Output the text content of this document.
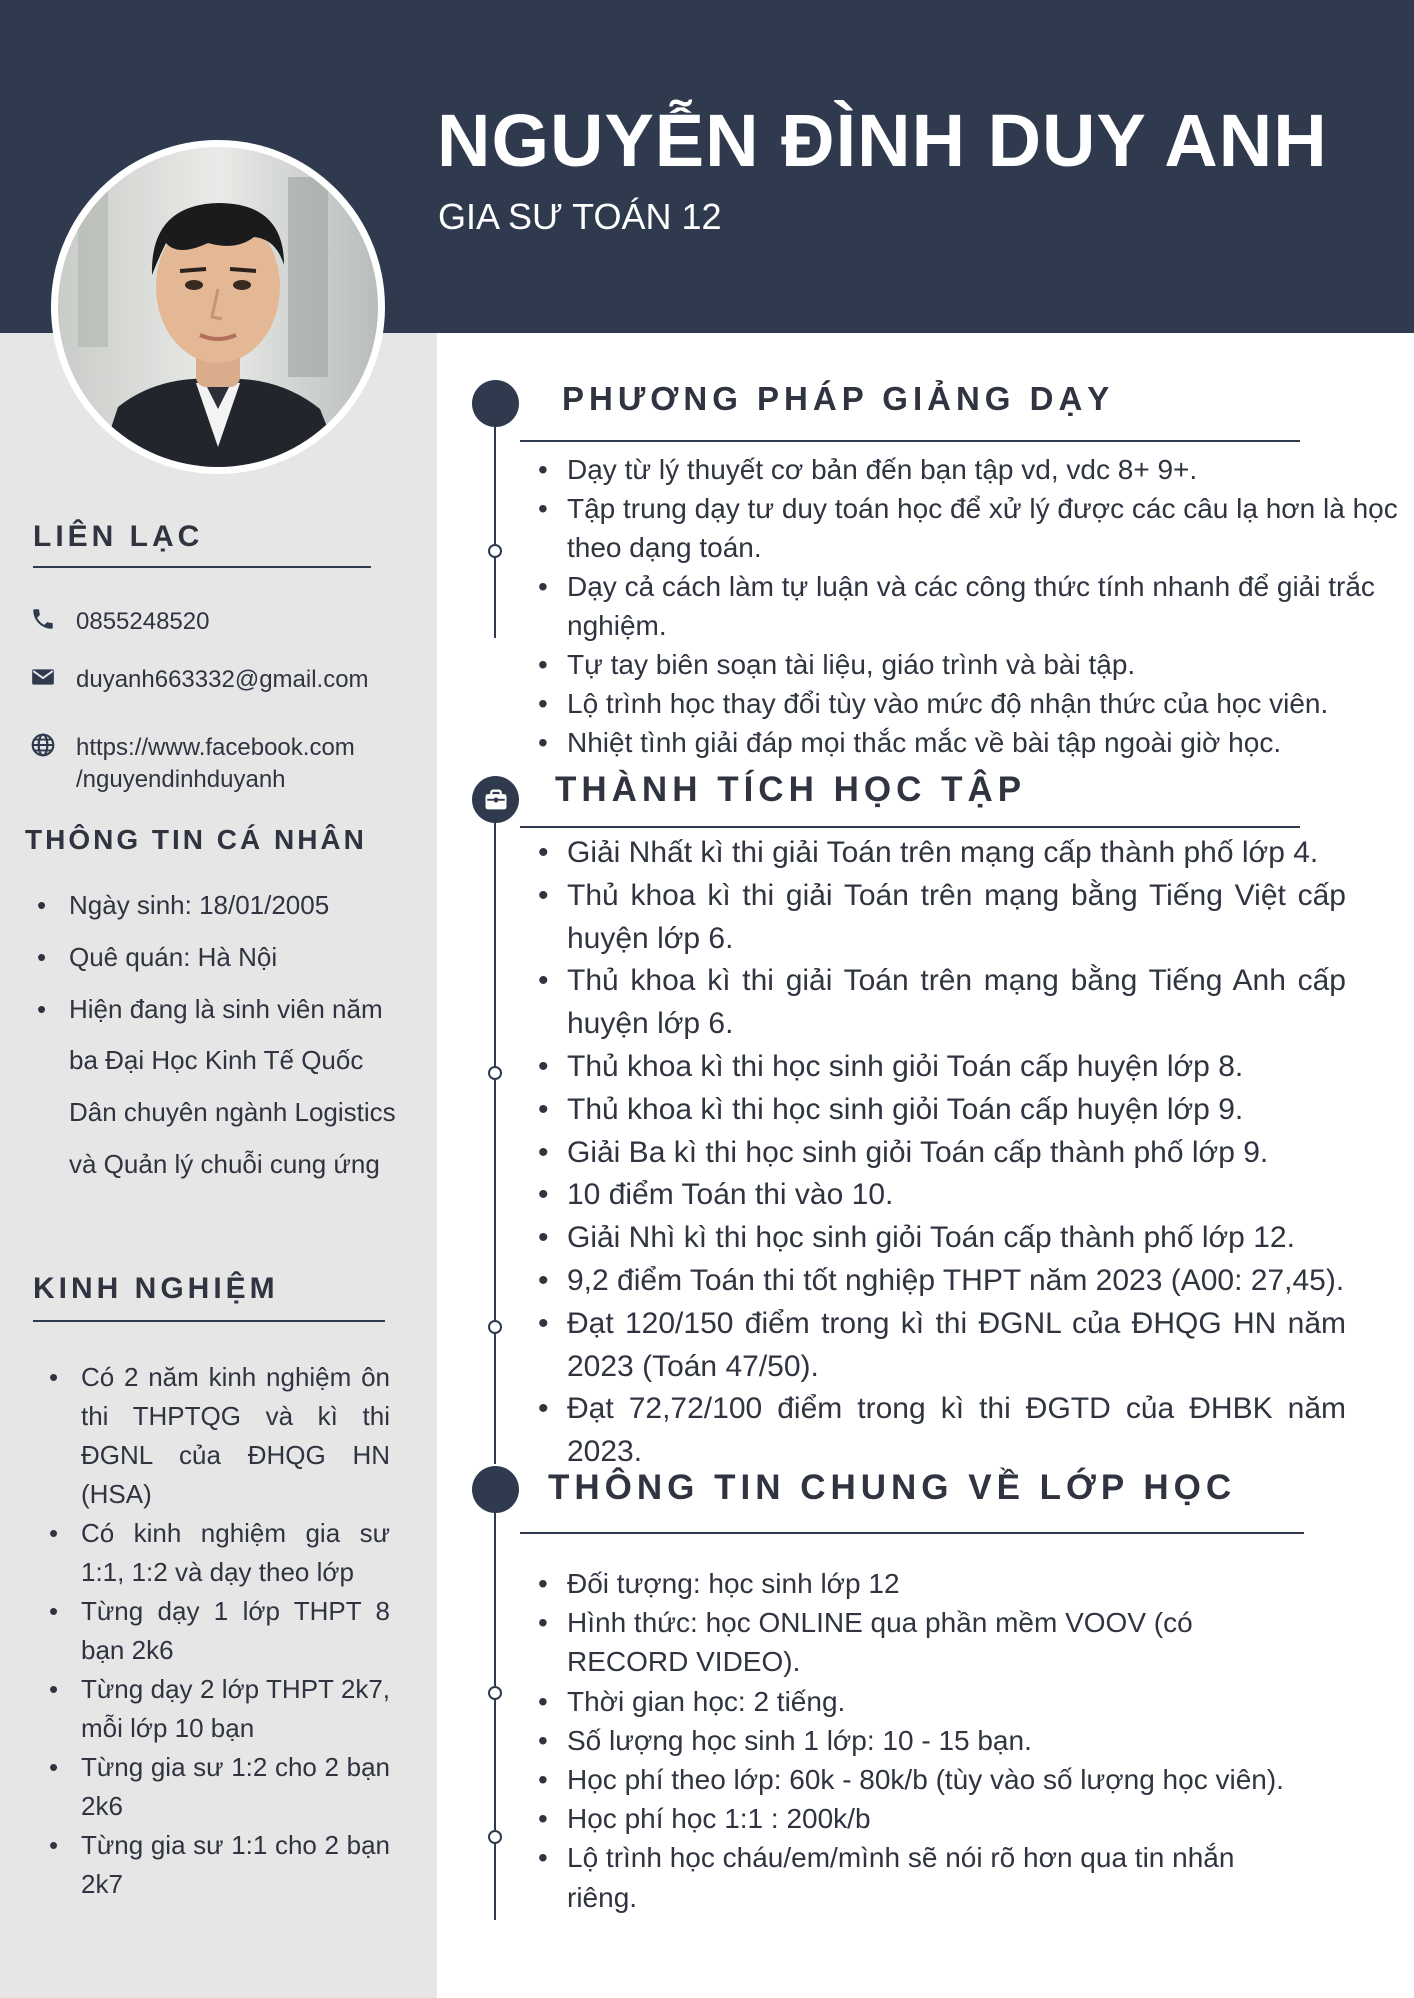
NGUYỄN ĐÌNH DUY ANH
GIA SƯ TOÁN 12
LIÊN LẠC
0855248520
duyanh663332@gmail.com
https://www.facebook.com
/nguyendinhduyanh
THÔNG TIN CÁ NHÂN
• Ngày sinh: 18/01/2005
• Quê quán: Hà Nội
• Hiện đang là sinh viên năm ba Đại Học Kinh Tế Quốc Dân chuyên ngành Logistics và Quản lý chuỗi cung ứng
KINH NGHIỆM
• Có 2 năm kinh nghiệm ôn thi THPTQG và kì thi ĐGNL của ĐHQG HN (HSA)
• Có kinh nghiệm gia sư 1:1, 1:2 và dạy theo lớp
• Từng dạy 1 lớp THPT 8 bạn 2k6
• Từng dạy 2 lớp THPT 2k7, mỗi lớp 10 bạn
• Từng gia sư 1:2 cho 2 bạn 2k6
• Từng gia sư 1:1 cho 2 bạn 2k7
PHƯƠNG PHÁP GIẢNG DẠY
• Dạy từ lý thuyết cơ bản đến bạn tập vd, vdc 8+ 9+.
• Tập trung dạy tư duy toán học để xử lý được các câu lạ hơn là học theo dạng toán.
• Dạy cả cách làm tự luận và các công thức tính nhanh để giải trắc nghiệm.
• Tự tay biên soạn tài liệu, giáo trình và bài tập.
• Lộ trình học thay đổi tùy vào mức độ nhận thức của học viên.
• Nhiệt tình giải đáp mọi thắc mắc về bài tập ngoài giờ học.
THÀNH TÍCH HỌC TẬP
• Giải Nhất kì thi giải Toán trên mạng cấp thành phố lớp 4.
• Thủ khoa kì thi giải Toán trên mạng bằng Tiếng Việt cấp huyện lớp 6.
• Thủ khoa kì thi giải Toán trên mạng bằng Tiếng Anh cấp huyện lớp 6.
• Thủ khoa kì thi học sinh giỏi Toán cấp huyện lớp 8.
• Thủ khoa kì thi học sinh giỏi Toán cấp huyện lớp 9.
• Giải Ba kì thi học sinh giỏi Toán cấp thành phố lớp 9.
• 10 điểm Toán thi vào 10.
• Giải Nhì kì thi học sinh giỏi Toán cấp thành phố lớp 12.
• 9,2 điểm Toán thi tốt nghiệp THPT năm 2023 (A00: 27,45).
• Đạt 120/150 điểm trong kì thi ĐGNL của ĐHQG HN năm 2023 (Toán 47/50).
• Đạt 72,72/100 điểm trong kì thi ĐGTD của ĐHBK năm 2023.
THÔNG TIN CHUNG VỀ LỚP HỌC
• Đối tượng: học sinh lớp 12
• Hình thức: học ONLINE qua phần mềm VOOV (có RECORD VIDEO).
• Thời gian học: 2 tiếng.
• Số lượng học sinh 1 lớp: 10 - 15 bạn.
• Học phí theo lớp: 60k - 80k/b (tùy vào số lượng học viên).
• Học phí học 1:1 : 200k/b
• Lộ trình học cháu/em/mình sẽ nói rõ hơn qua tin nhắn riêng.
